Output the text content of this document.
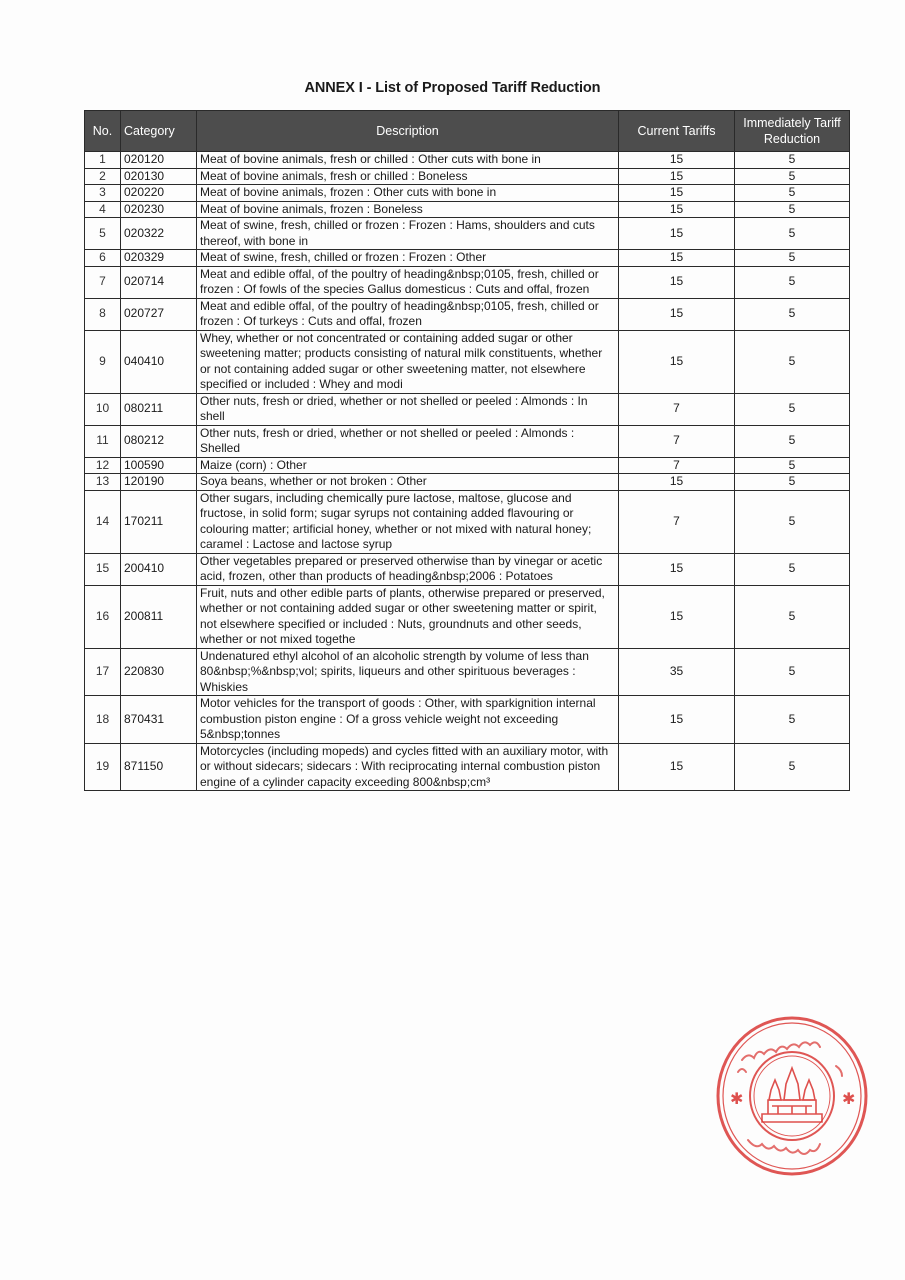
ANNEX I - List of Proposed Tariff Reduction
No.	Category	Description	Current Tariffs	Immediately Tariff Reduction
1	020120	Meat of bovine animals, fresh or chilled : Other cuts with bone in	15	5
2	020130	Meat of bovine animals, fresh or chilled : Boneless	15	5
3	020220	Meat of bovine animals, frozen : Other cuts with bone in	15	5
4	020230	Meat of bovine animals, frozen : Boneless	15	5
5	020322	Meat of swine, fresh, chilled or frozen : Frozen : Hams, shoulders and cuts thereof, with bone in	15	5
6	020329	Meat of swine, fresh, chilled or frozen : Frozen : Other	15	5
7	020714	Meat and edible offal, of the poultry of heading&nbsp;0105, fresh, chilled or frozen : Of fowls of the species Gallus domesticus : Cuts and offal, frozen	15	5
8	020727	Meat and edible offal, of the poultry of heading&nbsp;0105, fresh, chilled or frozen : Of turkeys : Cuts and offal, frozen	15	5
9	040410	Whey, whether or not concentrated or containing added sugar or other sweetening matter; products consisting of natural milk constituents, whether or not containing added sugar or other sweetening matter, not elsewhere specified or included : Whey and modi	15	5
10	080211	Other nuts, fresh or dried, whether or not shelled or peeled : Almonds : In shell	7	5
11	080212	Other nuts, fresh or dried, whether or not shelled or peeled : Almonds : Shelled	7	5
12	100590	Maize (corn) : Other	7	5
13	120190	Soya beans, whether or not broken : Other	15	5
14	170211	Other sugars, including chemically pure lactose, maltose, glucose and fructose, in solid form; sugar syrups not containing added flavouring or colouring matter; artificial honey, whether or not mixed with natural honey; caramel : Lactose and lactose syrup	7	5
15	200410	Other vegetables prepared or preserved otherwise than by vinegar or acetic acid, frozen, other than products of heading&nbsp;2006 : Potatoes	15	5
16	200811	Fruit, nuts and other edible parts of plants, otherwise prepared or preserved, whether or not containing added sugar or other sweetening matter or spirit, not elsewhere specified or included : Nuts, groundnuts and other seeds, whether or not mixed togethe	15	5
17	220830	Undenatured ethyl alcohol of an alcoholic strength by volume of less than 80&nbsp;%&nbsp;vol; spirits, liqueurs and other spirituous beverages : Whiskies	35	5
18	870431	Motor vehicles for the transport of goods : Other, with sparkignition internal combustion piston engine : Of a gross vehicle weight not exceeding 5&nbsp;tonnes	15	5
19	871150	Motorcycles (including mopeds) and cycles fitted with an auxiliary motor, with or without sidecars; sidecars : With reciprocating internal combustion piston engine of a cylinder capacity exceeding 800&nbsp;cm³	15	5
✱	✱
